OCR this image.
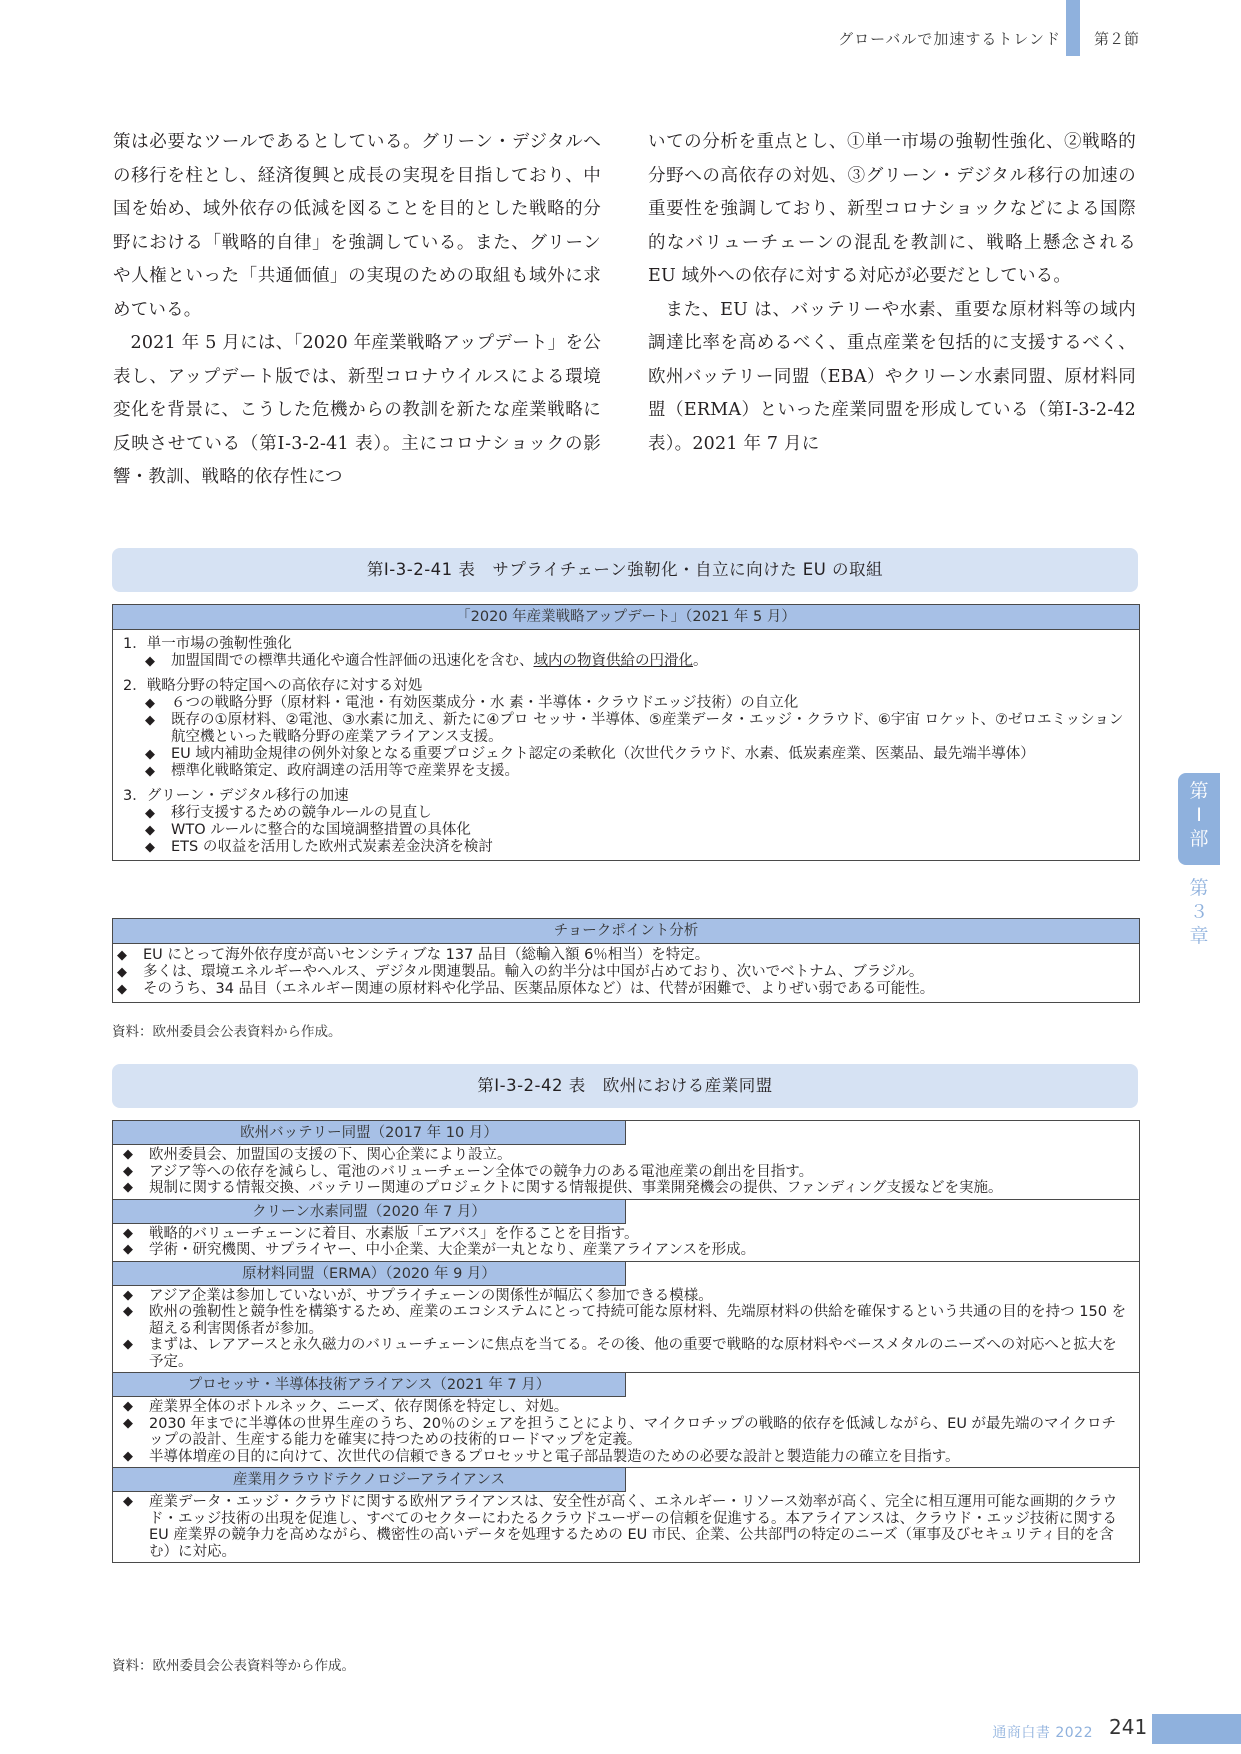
グローバルで加速するトレンド 第２節

策は必要なツールであるとしている。グリーン・デジタルへの移行を柱とし、経済復興と成長の実現を目指しており、中国を始め、域外依存の低減を図ることを目的とした戦略的分野における「戦略的自律」を強調している。また、グリーンや人権といった「共通価値」の実現のための取組も域外に求めている。

2021 年 5 月には、「2020 年産業戦略アップデート」を公表し、アップデート版では、新型コロナウイルスによる環境変化を背景に、こうした危機からの教訓を新たな産業戦略に反映させている（第Ⅰ-3-2-41 表）。主にコロナショックの影響・教訓、戦略的依存性につ

いての分析を重点とし、①単一市場の強靭性強化、②戦略的分野への高依存の対処、③グリーン・デジタル移行の加速の重要性を強調しており、新型コロナショックなどによる国際的なバリューチェーンの混乱を教訓に、戦略上懸念される EU 域外への依存に対する対応が必要だとしている。

また、EU は、バッテリーや水素、重要な原材料等の域内調達比率を高めるべく、重点産業を包括的に支援するべく、欧州バッテリー同盟（EBA）やクリーン水素同盟、原材料同盟（ERMA）といった産業同盟を形成している（第Ⅰ-3-2-42 表）。2021 年 7 月に

第Ⅰ-3-2-41 表　サプライチェーン強靭化・自立に向けた EU の取組
「2020 年産業戦略アップデート」（2021 年 5 月）
1．単一市場の強靭性強化
◆	加盟国間での標準共通化や適合性評価の迅速化を含む、域内の物資供給の円滑化。
2．戦略分野の特定国への高依存に対する対処
◆	６つの戦略分野（原材料・電池・有効医薬成分・水 素・半導体・クラウドエッジ技術）の自立化
◆	既存の①原材料、②電池、③水素に加え、新たに④プロ セッサ・半導体、⑤産業データ・エッジ・クラウド、⑥宇宙 ロケット、⑦ゼロエミッション航空機といった戦略分野の産業アライアンス支援。
◆	EU 域内補助金規律の例外対象となる重要プロジェクト認定の柔軟化（次世代クラウド、水素、低炭素産業、医薬品、最先端半導体）
◆	標準化戦略策定、政府調達の活用等で産業界を支援。
3．グリーン・デジタル移行の加速
◆	移行支援するための競争ルールの見直し
◆	WTO ルールに整合的な国境調整措置の具体化
◆	ETS の収益を活用した欧州式炭素差金決済を検討
チョークポイント分析
◆	EU にとって海外依存度が高いセンシティブな 137 品目（総輸入額 6％相当）を特定。
◆	多くは、環境エネルギーやヘルス、デジタル関連製品。輸入の約半分は中国が占めており、次いでベトナム、ブラジル。
◆	そのうち、34 品目（エネルギー関連の原材料や化学品、医薬品原体など）は、代替が困難で、よりぜい弱である可能性。
資料：欧州委員会公表資料から作成。
第Ⅰ-3-2-42 表　欧州における産業同盟
欧州バッテリー同盟（2017 年 10 月）
◆	欧州委員会、加盟国の支援の下、関心企業により設立。
◆	アジア等への依存を減らし、電池のバリューチェーン全体での競争力のある電池産業の創出を目指す。
◆	規制に関する情報交換、バッテリー関連のプロジェクトに関する情報提供、事業開発機会の提供、ファンディング支援などを実施。
クリーン水素同盟（2020 年 7 月）
◆	戦略的バリューチェーンに着目、水素版「エアバス」を作ることを目指す。
◆	学術・研究機関、サプライヤー、中小企業、大企業が一丸となり、産業アライアンスを形成。
原材料同盟（ERMA）（2020 年 9 月）
◆	アジア企業は参加していないが、サプライチェーンの関係性が幅広く参加できる模様。
◆	欧州の強靭性と競争性を構築するため、産業のエコシステムにとって持続可能な原材料、先端原材料の供給を確保するという共通の目的を持つ 150 を超える利害関係者が参加。
◆	まずは、レアアースと永久磁力のバリューチェーンに焦点を当てる。その後、他の重要で戦略的な原材料やベースメタルのニーズへの対応へと拡大を予定。
プロセッサ・半導体技術アライアンス（2021 年 7 月）
◆	産業界全体のボトルネック、ニーズ、依存関係を特定し、対処。
◆	2030 年までに半導体の世界生産のうち、20％のシェアを担うことにより、マイクロチップの戦略的依存を低減しながら、EU が最先端のマイクロチップの設計、生産する能力を確実に持つための技術的ロードマップを定義。
◆	半導体増産の目的に向けて、次世代の信頼できるプロセッサと電子部品製造のための必要な設計と製造能力の確立を目指す。
産業用クラウドテクノロジーアライアンス
◆	産業データ・エッジ・クラウドに関する欧州アライアンスは、安全性が高く、エネルギー・リソース効率が高く、完全に相互運用可能な画期的クラウド・エッジ技術の出現を促進し、すべてのセクターにわたるクラウドユーザーの信頼を促進する。本アライアンスは、クラウド・エッジ技術に関する EU 産業界の競争力を高めながら、機密性の高いデータを処理するための EU 市民、企業、公共部門の特定のニーズ（軍事及びセキュリティ目的を含む）に対応。
資料：欧州委員会公表資料等から作成。
第Ⅰ部
第３章
通商白書 2022 241
